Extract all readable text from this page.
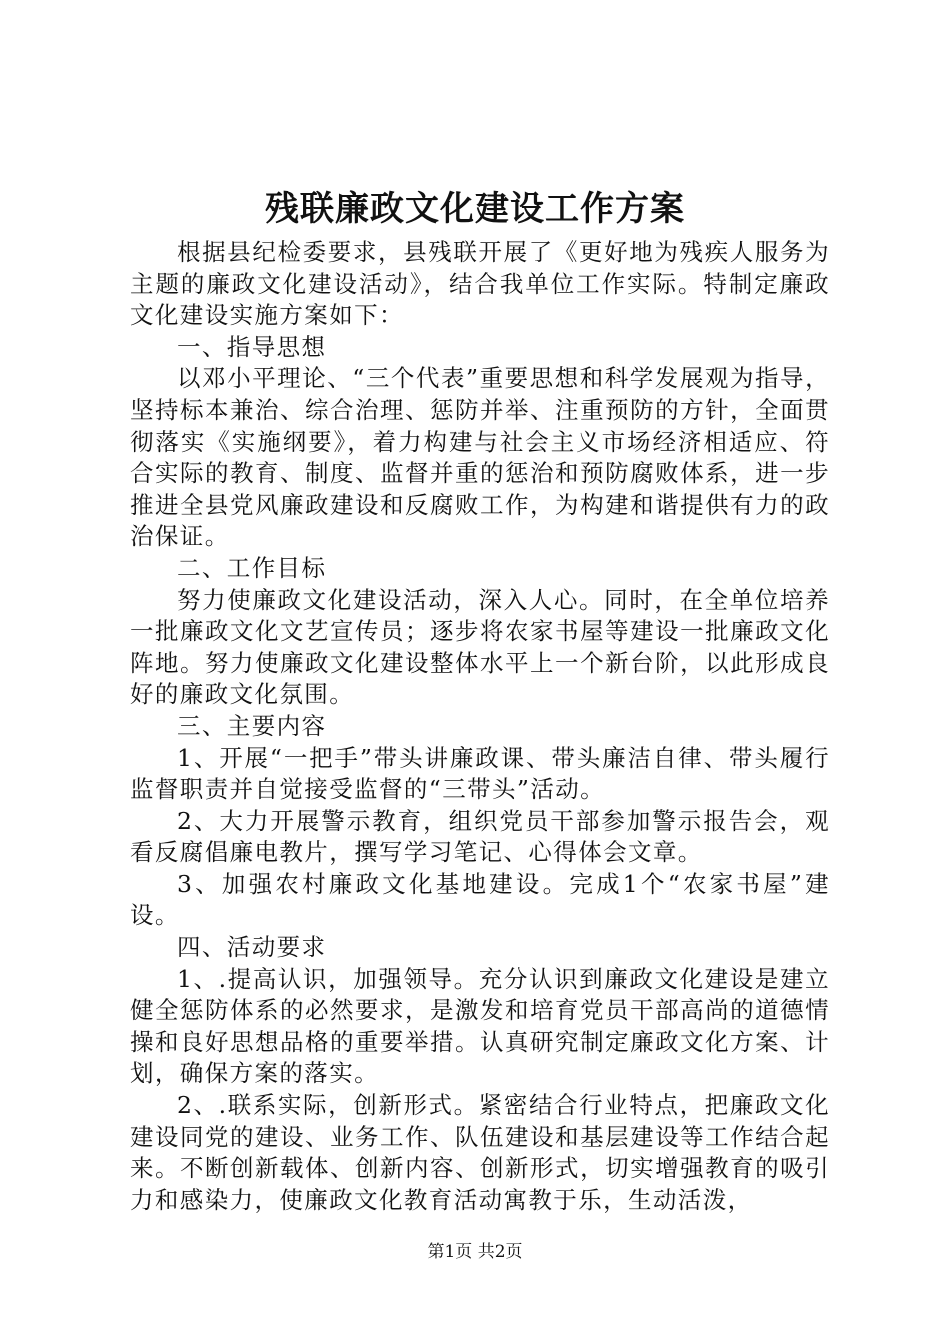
残联廉政文化建设工作方案

根据县纪检委要求，县残联开展了《更好地为残疾人服务为主题的廉政文化建设活动》，结合我单位工作实际。特制定廉政文化建设实施方案如下：

一、指导思想

以邓小平理论、“三个代表”重要思想和科学发展观为指导，坚持标本兼治、综合治理、惩防并举、注重预防的方针，全面贯彻落实《实施纲要》，着力构建与社会主义市场经济相适应、符合实际的教育、制度、监督并重的惩治和预防腐败体系，进一步推进全县党风廉政建设和反腐败工作，为构建和谐提供有力的政治保证。

二、工作目标

努力使廉政文化建设活动，深入人心。同时，在全单位培养一批廉政文化文艺宣传员；逐步将农家书屋等建设一批廉政文化阵地。努力使廉政文化建设整体水平上一个新台阶，以此形成良好的廉政文化氛围。

三、主要内容

1、开展“一把手”带头讲廉政课、带头廉洁自律、带头履行监督职责并自觉接受监督的“三带头”活动。

2、大力开展警示教育，组织党员干部参加警示报告会，观看反腐倡廉电教片，撰写学习笔记、心得体会文章。

3、加强农村廉政文化基地建设。完成1个“农家书屋”建设。

四、活动要求

1、.提高认识，加强领导。充分认识到廉政文化建设是建立健全惩防体系的必然要求，是激发和培育党员干部高尚的道德情操和良好思想品格的重要举措。认真研究制定廉政文化方案、计划，确保方案的落实。

2、.联系实际，创新形式。紧密结合行业特点，把廉政文化建设同党的建设、业务工作、队伍建设和基层建设等工作结合起来。不断创新载体、创新内容、创新形式，切实增强教育的吸引力和感染力，使廉政文化教育活动寓教于乐，生动活泼，

第1页 共2页
